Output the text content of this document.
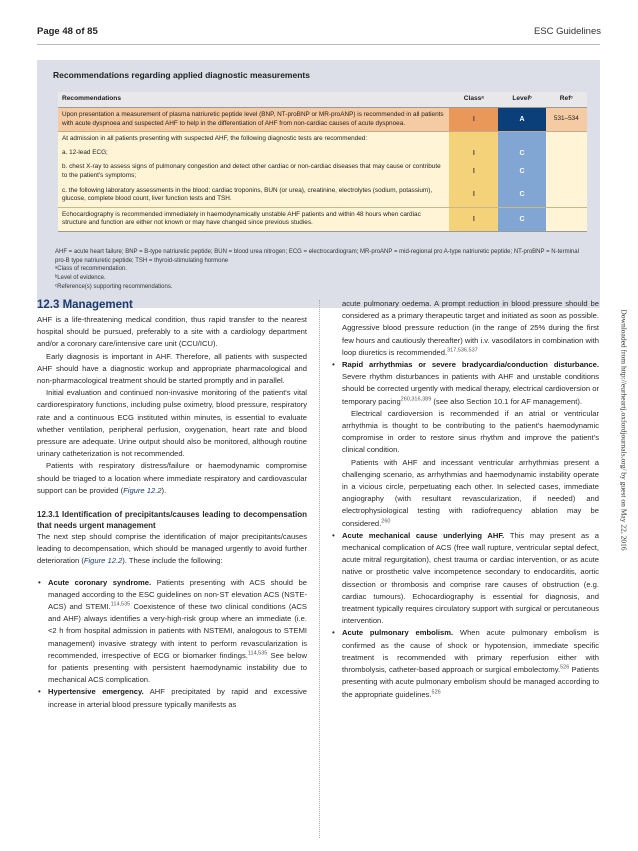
Page 48 of 85	ESC Guidelines
Recommendations regarding applied diagnostic measurements
Recommendations	Classᵃ	Levelᵇ	Refᶜ
Upon presentation a measurement of plasma natriuretic peptide level (BNP, NT-proBNP or MR-proANP) is recommended in all patients with acute dyspnoea and suspected AHF to help in the differentiation of AHF from non-cardiac causes of acute dyspnoea.	I	A	531–534
At admission in all patients presenting with suspected AHF, the following diagnostic tests are recommended:			
a. 12-lead ECG;	I	C	
b. chest X-ray to assess signs of pulmonary congestion and detect other cardiac or non-cardiac diseases that may cause or contribute to the patient's symptoms;	I	C	
c. the following laboratory assessments in the blood: cardiac troponins, BUN (or urea), creatinine, electrolytes (sodium, potassium), glucose, complete blood count, liver function tests and TSH.	I	C	
Echocardiography is recommended immediately in haemodynamically unstable AHF patients and within 48 hours when cardiac structure and function are either not known or may have changed since previous studies.	I	C	
AHF = acute heart failure; BNP = B-type natriuretic peptide; BUN = blood urea nitrogen; ECG = electrocardiogram; MR-proANP = mid-regional pro A-type natriuretic peptide; NT-proBNP = N-terminal pro-B type natriuretic peptide; TSH = thyroid-stimulating hormone
ᵃClass of recommendation.
ᵇLevel of evidence.
ᶜReference(s) supporting recommendations.
Downloaded from http://eurheartj.oxfordjournals.org/ by guest on May 22, 2016
12.3 Management

AHF is a life-threatening medical condition, thus rapid transfer to the nearest hospital should be pursued, preferably to a site with a cardiology department and/or a coronary care/intensive care unit (CCU/ICU).

Early diagnosis is important in AHF. Therefore, all patients with suspected AHF should have a diagnostic workup and appropriate pharmacological and non-pharmacological treatment should be started promptly and in parallel.

Initial evaluation and continued non-invasive monitoring of the patient's vital cardiorespiratory functions, including pulse oximetry, blood pressure, respiratory rate and a continuous ECG instituted within minutes, is essential to evaluate whether ventilation, peripheral perfusion, oxygenation, heart rate and blood pressure are adequate. Urine output should also be monitored, although routine urinary catheterization is not recommended.

Patients with respiratory distress/failure or haemodynamic compromise should be triaged to a location where immediate respiratory and cardiovascular support can be provided (Figure 12.2).

12.3.1 Identification of precipitants/causes leading to decompensation that needs urgent management

The next step should comprise the identification of major precipitants/causes leading to decompensation, which should be managed urgently to avoid further deterioration (Figure 12.2). These include the following:

• Acute coronary syndrome. Patients presenting with ACS should be managed according to the ESC guidelines on non-ST elevation ACS (NSTE-ACS) and STEMI.$^{114,535}$ Coexistence of these two clinical conditions (ACS and AHF) always identifies a very-high-risk group where an immediate (i.e. <2 h from hospital admission in patients with NSTEMI, analogous to STEMI management) invasive strategy with intent to perform revascularization is recommended, irrespective of ECG or biomarker findings.$^{114,535}$ See below for patients presenting with persistent haemodynamic instability due to mechanical ACS complication.
• Hypertensive emergency. AHF precipitated by rapid and excessive increase in arterial blood pressure typically manifests as

acute pulmonary oedema. A prompt reduction in blood pressure should be considered as a primary therapeutic target and initiated as soon as possible. Aggressive blood pressure reduction (in the range of 25% during the first few hours and cautiously thereafter) with i.v. vasodilators in combination with loop diuretics is recommended.$^{317,536,537}$

• Rapid arrhythmias or severe bradycardia/conduction disturbance. Severe rhythm disturbances in patients with AHF and unstable conditions should be corrected urgently with medical therapy, electrical cardioversion or temporary pacing$^{260,316,389}$ (see also Section 10.1 for AF management).

Electrical cardioversion is recommended if an atrial or ventricular arrhythmia is thought to be contributing to the patient's haemodynamic compromise in order to restore sinus rhythm and improve the patient's clinical condition.

Patients with AHF and incessant ventricular arrhythmias present a challenging scenario, as arrhythmias and haemodynamic instability operate in a vicious circle, perpetuating each other. In selected cases, immediate angiography (with resultant revascularization, if needed) and electrophysiological testing with radiofrequency ablation may be considered.$^{260}$

• Acute mechanical cause underlying AHF. This may present as a mechanical complication of ACS (free wall rupture, ventricular septal defect, acute mitral regurgitation), chest trauma or cardiac intervention, or as acute native or prosthetic valve incompetence secondary to endocarditis, aortic dissection or thrombosis and comprise rare causes of obstruction (e.g. cardiac tumours). Echocardiography is essential for diagnosis, and treatment typically requires circulatory support with surgical or percutaneous intervention.
• Acute pulmonary embolism. When acute pulmonary embolism is confirmed as the cause of shock or hypotension, immediate specific treatment is recommended with primary reperfusion either with thrombolysis, catheter-based approach or surgical embolectomy.$^{526}$ Patients presenting with acute pulmonary embolism should be managed according to the appropriate guidelines.$^{526}$
